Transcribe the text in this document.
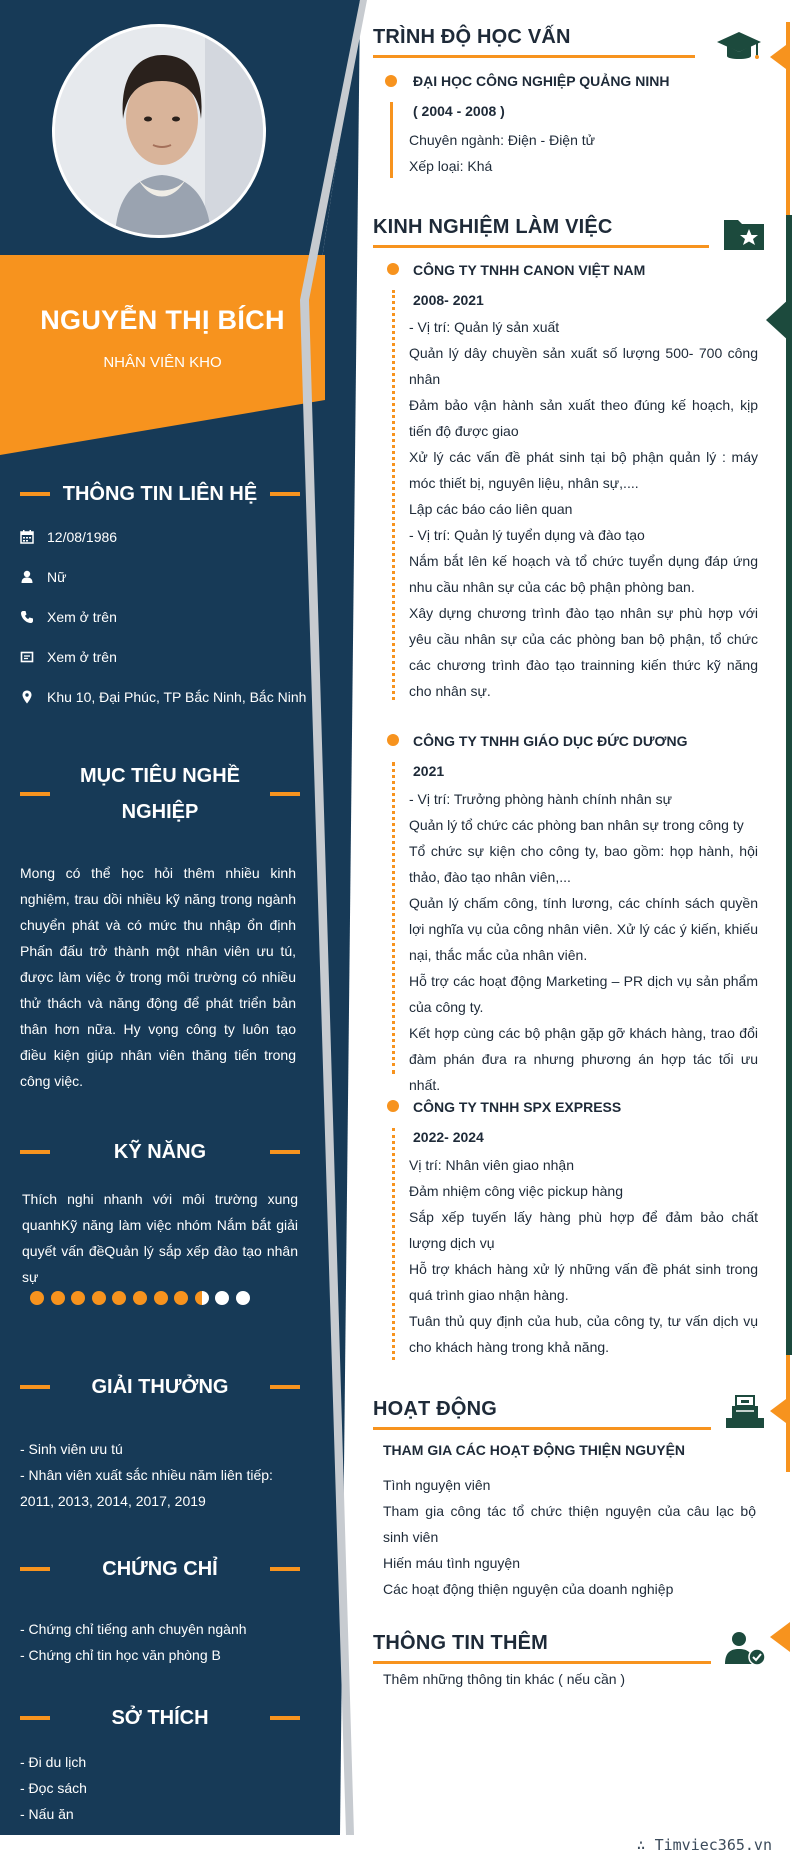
NGUYỄN THỊ BÍCH
NHÂN VIÊN KHO
THÔNG TIN LIÊN HỆ
12/08/1986
Nữ
Xem ở trên
Xem ở trên
Khu 10, Đại Phúc, TP Bắc Ninh, Bắc Ninh
MỤC TIÊU NGHỀ
NGHIỆP
Mong có thể học hỏi thêm nhiều kinh nghiệm, trau dồi nhiều kỹ năng trong ngành chuyển phát và có mức thu nhập ổn định Phấn đấu trở thành một nhân viên ưu tú, được làm việc ở trong môi trường có nhiều thử thách và năng động để phát triển bản thân hơn nữa. Hy vọng công ty luôn tạo điều kiện giúp nhân viên thăng tiến trong công việc.
KỸ NĂNG
Thích nghi nhanh với môi trường xung quanhKỹ năng làm việc nhóm Nắm bắt giải quyết vấn đềQuản lý sắp xếp đào tạo nhân sự
GIẢI THƯỞNG
- Sinh viên ưu tú
- Nhân viên xuất sắc nhiều năm liên tiếp: 2011, 2013, 2014, 2017, 2019
CHỨNG CHỈ
- Chứng chỉ tiếng anh chuyên ngành
- Chứng chỉ tin học văn phòng B
SỞ THÍCH
- Đi du lịch
- Đọc sách
- Nấu ăn
TRÌNH ĐỘ HỌC VẤN
ĐẠI HỌC CÔNG NGHIỆP QUẢNG NINH
( 2004 - 2008 )
Chuyên ngành: Điện - Điện tử
Xếp loại: Khá
KINH NGHIỆM LÀM VIỆC
CÔNG TY TNHH CANON VIỆT NAM
2008- 2021
- Vị trí: Quản lý sản xuất
Quản lý dây chuyền sản xuất số lượng 500- 700 công nhân
Đảm bảo vận hành sản xuất theo đúng kế hoạch, kịp tiến độ được giao
Xử lý các vấn đề phát sinh tại bộ phận quản lý : máy móc thiết bị, nguyên liệu, nhân sự,....
Lập các báo cáo liên quan
- Vị trí: Quản lý tuyển dụng và đào tạo
Nắm bắt lên kế hoạch và tổ chức tuyển dụng đáp ứng nhu cầu nhân sự của các bộ phận phòng ban.
Xây dựng chương trình đào tạo nhân sự phù hợp với yêu cầu nhân sự của các phòng ban bộ phận, tổ chức các chương trình đào tạo trainning kiến thức kỹ năng cho nhân sự.
CÔNG TY TNHH GIÁO DỤC ĐỨC DƯƠNG
2021
- Vị trí: Trưởng phòng hành chính nhân sự
Quản lý tổ chức các phòng ban nhân sự trong công ty
Tổ chức sự kiện cho công ty, bao gồm: họp hành, hội thảo, đào tạo nhân viên,...
Quản lý chấm công, tính lương, các chính sách quyền lợi nghĩa vụ của công nhân viên. Xử lý các ý kiến, khiếu nại, thắc mắc của nhân viên.
Hỗ trợ các hoạt động Marketing – PR dịch vụ sản phẩm của công ty.
Kết hợp cùng các bộ phận gặp gỡ khách hàng, trao đổi đàm phán đưa ra nhưng phương án hợp tác tối ưu nhất.
CÔNG TY TNHH SPX EXPRESS
2022- 2024
Vị trí: Nhân viên giao nhận
Đảm nhiệm công việc pickup hàng
Sắp xếp tuyến lấy hàng phù hợp để đảm bảo chất lượng dịch vụ
Hỗ trợ khách hàng xử lý những vấn đề phát sinh trong quá trình giao nhận hàng.
Tuân thủ quy định của hub, của công ty, tư vấn dịch vụ cho khách hàng trong khả năng.
HOẠT ĐỘNG
THAM GIA CÁC HOẠT ĐỘNG THIỆN NGUYỆN
Tình nguyện viên
Tham gia công tác tổ chức thiện nguyện của câu lạc bộ sinh viên
Hiến máu tình nguyện
Các hoạt động thiện nguyện của doanh nghiệp
THÔNG TIN THÊM
Thêm những thông tin khác ( nếu cần )
∴ Timviec365.vn
